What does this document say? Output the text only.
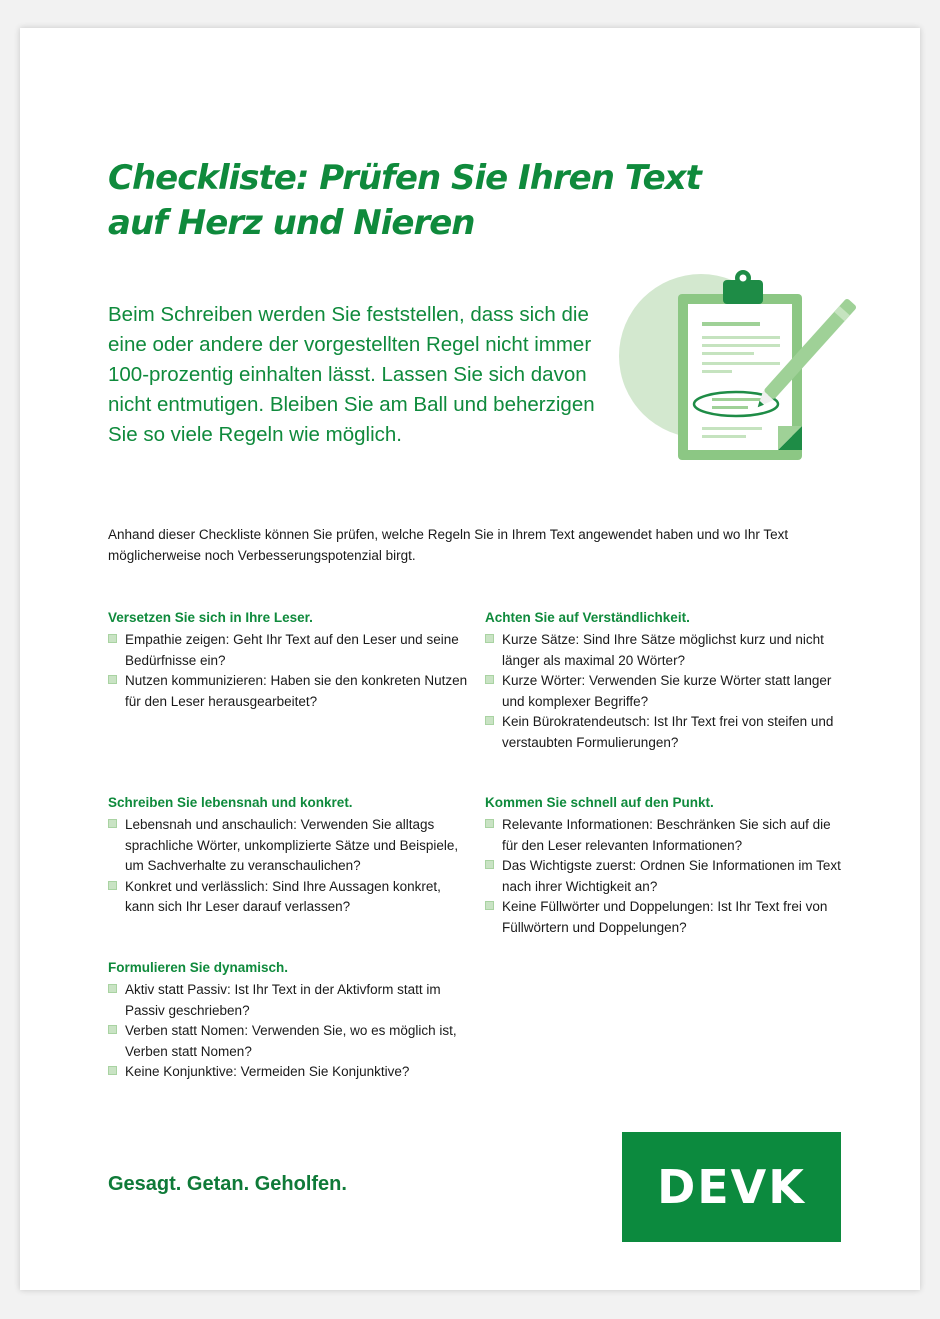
Checkliste: Prüfen Sie Ihren Text
auf Herz und Nieren

Beim Schreiben werden Sie feststellen, dass sich die eine oder andere der vorgestellten Regel nicht immer 100-prozentig einhalten lässt. Lassen Sie sich davon nicht entmutigen. Bleiben Sie am Ball und beherzigen Sie so viele Regeln wie möglich.

Anhand dieser Checkliste können Sie prüfen, welche Regeln Sie in Ihrem Text angewendet haben und wo Ihr Text möglicherweise noch Verbesserungspotenzial birgt.

Versetzen Sie sich in Ihre Leser.
Empathie zeigen: Geht Ihr Text auf den Leser und seine Bedürfnisse ein?
Nutzen kommunizieren: Haben sie den konkreten Nutzen für den Leser herausgearbeitet?
Achten Sie auf Verständlichkeit.
Kurze Sätze: Sind Ihre Sätze möglichst kurz und nicht länger als maximal 20 Wörter?
Kurze Wörter: Verwenden Sie kurze Wörter statt langer und komplexer Begriffe?
Kein Bürokratendeutsch: Ist Ihr Text frei von steifen und verstaubten Formulierungen?
Schreiben Sie lebensnah und konkret.
Lebensnah und anschaulich: Verwenden Sie alltags sprachliche Wörter, unkomplizierte Sätze und Beispiele, um Sachverhalte zu veranschaulichen?
Konkret und verlässlich: Sind Ihre Aussagen konkret, kann sich Ihr Leser darauf verlassen?
Kommen Sie schnell auf den Punkt.
Relevante Informationen: Beschränken Sie sich auf die für den Leser relevanten Informationen?
Das Wichtigste zuerst: Ordnen Sie Informationen im Text nach ihrer Wichtigkeit an?
Keine Füllwörter und Doppelungen: Ist Ihr Text frei von Füllwörtern und Doppelungen?
Formulieren Sie dynamisch.
Aktiv statt Passiv: Ist Ihr Text in der Aktivform statt im Passiv geschrieben?
Verben statt Nomen: Verwenden Sie, wo es möglich ist, Verben statt Nomen?
Keine Konjunktive: Vermeiden Sie Konjunktive?

Gesagt. Getan. Geholfen.	DEVK
